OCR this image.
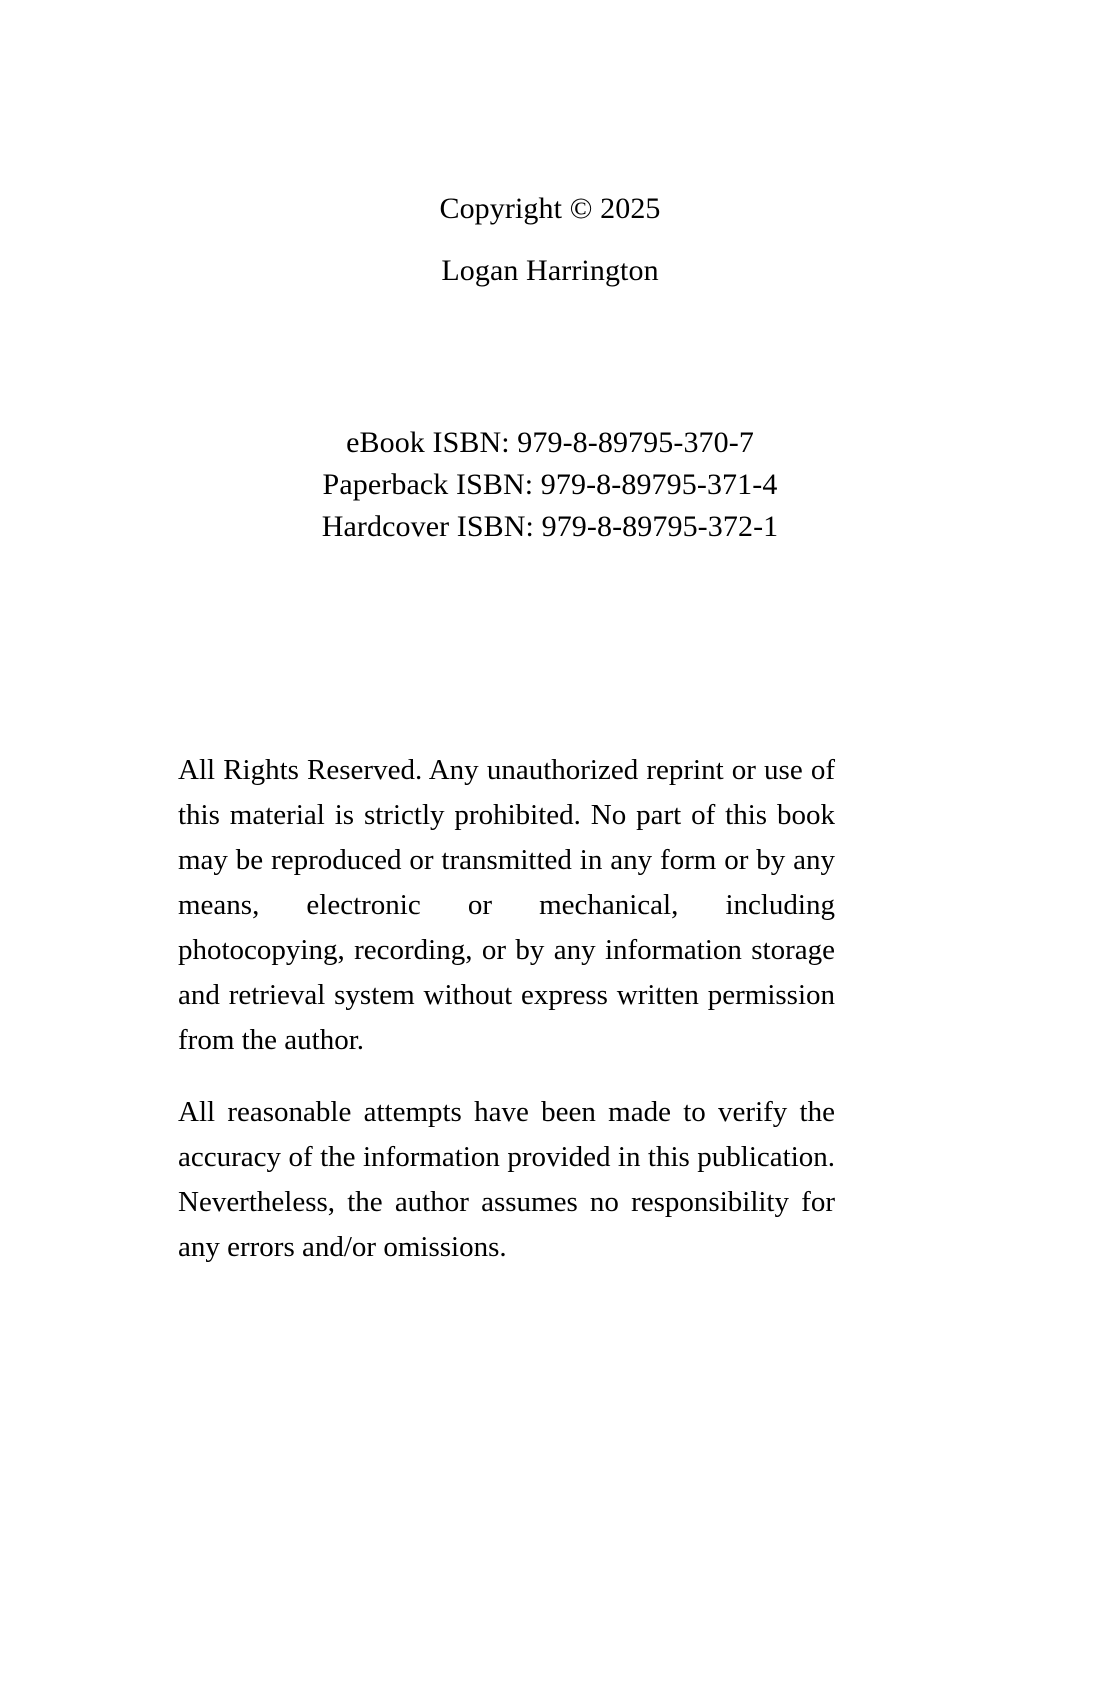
Copyright © 2025
Logan Harrington
eBook ISBN: 979-8-89795-370-7
Paperback ISBN: 979-8-89795-371-4
Hardcover ISBN: 979-8-89795-372-1

All Rights Reserved. Any unauthorized reprint or use of this material is strictly prohibited. No part of this book may be reproduced or transmitted in any form or by any means, electronic or mechanical, including photocopying, recording, or by any information storage and retrieval system without express written permission from the author.

All reasonable attempts have been made to verify the accuracy of the information provided in this publication. Nevertheless, the author assumes no responsibility for any errors and/or omissions.
